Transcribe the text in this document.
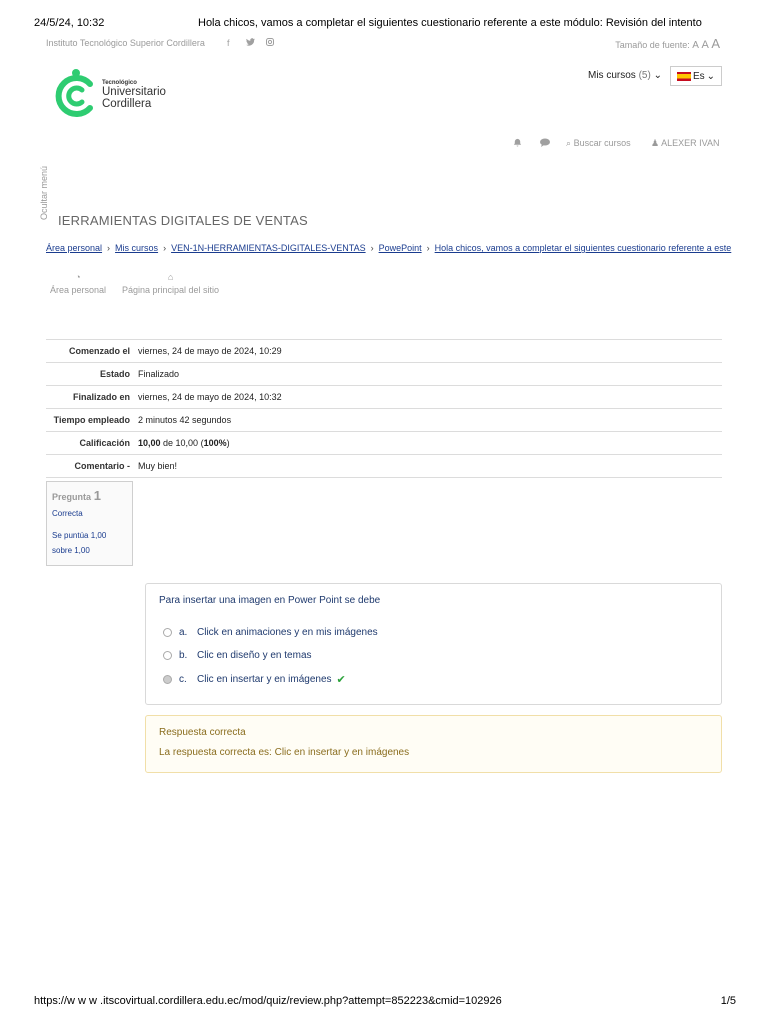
24/5/24, 10:32	Hola chicos, vamos a completar el siguientes cuestionario referente a este módulo: Revisión del intento
Instituto Tecnológico Superior Cordillera f	Tamaño de fuente: A A A
Tecnológico
Universitario
Cordillera
Mis cursos (5) ⌄	Es ⌄
⌕ Buscar cursos ♟ ALEXER IVAN
Ocultar menú
IERRAMIENTAS DIGITALES DE VENTAS
Área personal › Mis cursos › VEN-1N-HERRAMIENTAS-DIGITALES-VENTAS › PowePoint › Hola chicos, vamos a completar el siguientes cuestionario referente a este
◔
Área personal
⌂
Página principal del sitio
Comenzado el	viernes, 24 de mayo de 2024, 10:29
Estado	Finalizado
Finalizado en	viernes, 24 de mayo de 2024, 10:32
Tiempo empleado	2 minutos 42 segundos
Calificación	10,00 de 10,00 (100%)
Comentario -	Muy bien!
Pregunta 1
Correcta
Se puntúa 1,00 sobre 1,00
Para insertar una imagen en Power Point se debe
a. Click en animaciones y en mis imágenes
b. Clic en diseño y en temas
c.	Clic en insertar y en imágenes ✔
Respuesta correcta
La respuesta correcta es: Clic en insertar y en imágenes
https://w w w .itscovirtual.cordillera.edu.ec/mod/quiz/review.php?attempt=852223&cmid=102926	1/5
